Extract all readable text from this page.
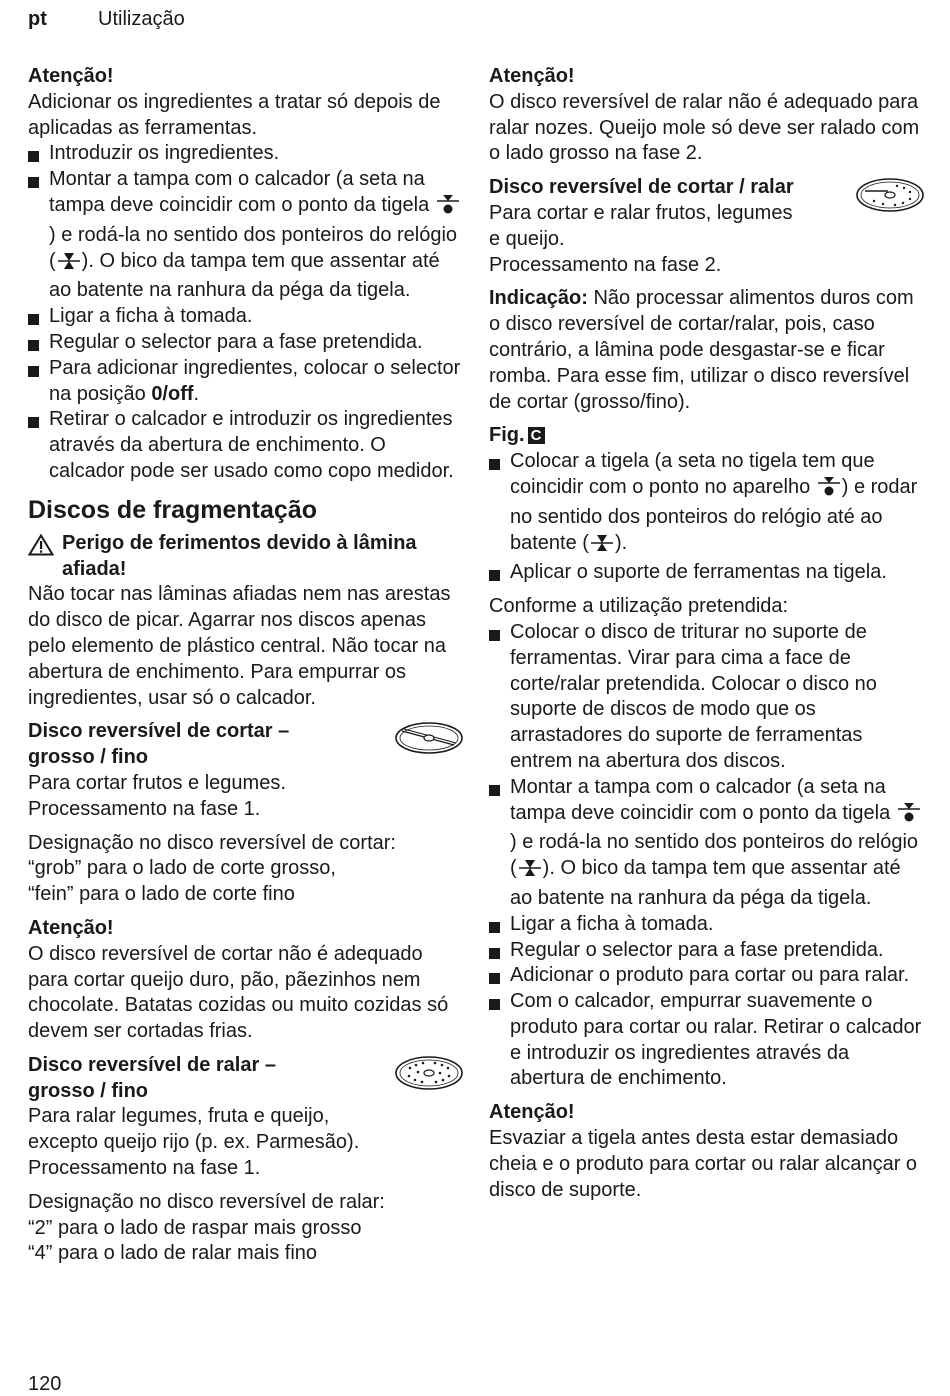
pt	Utilização

Atenção!

Adicionar os ingredientes a tratar só depois de aplicadas as ferramentas.

Introduzir os ingredientes.
Montar a tampa com o calcador (a seta na tampa deve coincidir com o ponto da tigela ) e rodá-la no sentido dos ponteiros do relógio ( ). O bico da tampa tem que assentar até ao batente na ranhura da péga da tigela.
Ligar a ficha à tomada.
Regular o selector para a fase pretendida.
Para adicionar ingredientes, colocar o selector na posição 0/off.
Retirar o calcador e introduzir os ingredientes através da abertura de enchimento. O calcador pode ser usado como copo medidor.
Discos de fragmentação
Perigo de ferimentos devido à lâmina afiada!

Não tocar nas lâminas afiadas nem nas arestas do disco de picar. Agarrar nos discos apenas pelo elemento de plástico central. Não tocar na abertura de enchimento. Para empurrar os ingredientes, usar só o calcador.

Disco reversível de cortar –

grosso / fino

Para cortar frutos e legumes.

Processamento na fase 1.

Designação no disco reversível de cortar:

“grob” para o lado de corte grosso,

“fein” para o lado de corte fino

Atenção!

O disco reversível de cortar não é adequado para cortar queijo duro, pão, pãezinhos nem chocolate. Batatas cozidas ou muito cozidas só devem ser cortadas frias.

Disco reversível de ralar –

grosso / fino

Para ralar legumes, fruta e queijo,

excepto queijo rijo (p. ex. Parmesão).

Processamento na fase 1.

Designação no disco reversível de ralar:

“2” para o lado de raspar mais grosso

“4” para o lado de ralar mais fino

Atenção!

O disco reversível de ralar não é adequado para ralar nozes. Queijo mole só deve ser ralado com o lado grosso na fase 2.

Disco reversível de cortar / ralar

Para cortar e ralar frutos, legumes

e queijo.

Processamento na fase 2.

Indicação: Não processar alimentos duros com o disco reversível de cortar/ralar, pois, caso contrário, a lâmina pode desgastar-se e ficar romba. Para esse fim, utilizar o disco reversível de cortar (grosso/fino).

Fig. C

Colocar a tigela (a seta no tigela tem que coincidir com o ponto no aparelho ) e rodar no sentido dos ponteiros do relógio até ao batente ( ).
Aplicar o suporte de ferramentas na tigela.

Conforme a utilização pretendida:

Colocar o disco de triturar no suporte de ferramentas. Virar para cima a face de corte/ralar pretendida. Colocar o disco no suporte de discos de modo que os arrastadores do suporte de ferramentas entrem na abertura dos discos.
Montar a tampa com o calcador (a seta na tampa deve coincidir com o ponto da tigela ) e rodá-la no sentido dos ponteiros do relógio ( ). O bico da tampa tem que assentar até ao batente na ranhura da péga da tigela.
Ligar a ficha à tomada.
Regular o selector para a fase pretendida.
Adicionar o produto para cortar ou para ralar.
Com o calcador, empurrar suavemente o produto para cortar ou ralar. Retirar o calcador e introduzir os ingredientes através da abertura de enchimento.

Atenção!

Esvaziar a tigela antes desta estar demasiado cheia e o produto para cortar ou ralar alcançar o disco de suporte.

120
